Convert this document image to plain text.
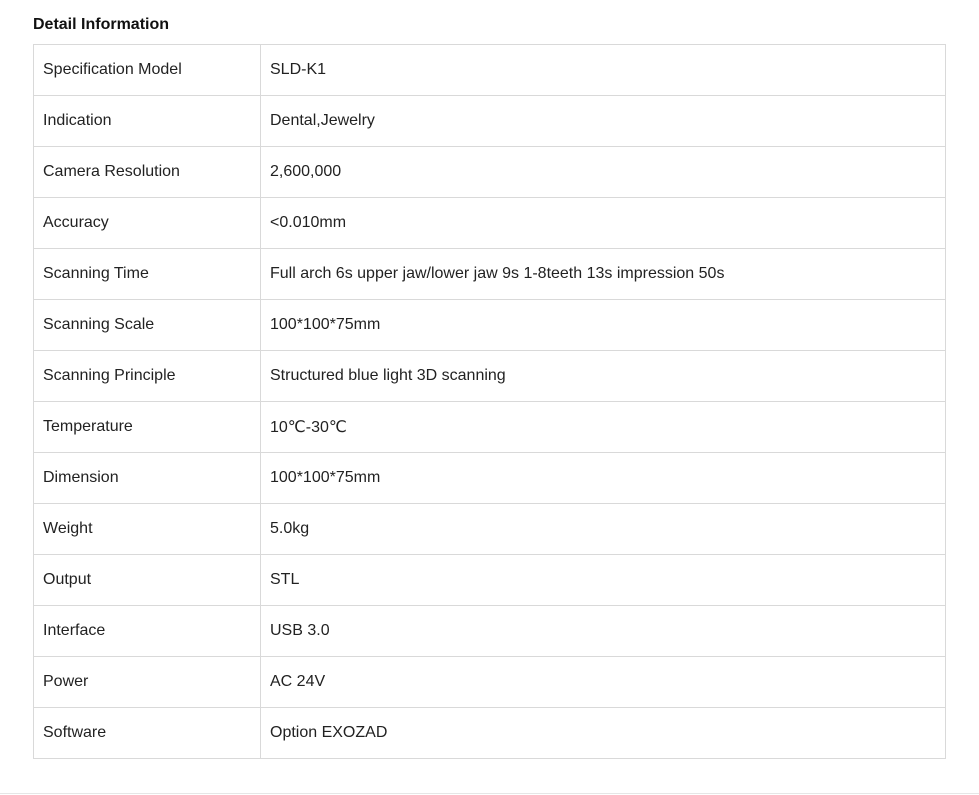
Detail Information
Specification Model	SLD-K1
Indication	Dental,Jewelry
Camera Resolution	2,600,000
Accuracy	<0.010mm
Scanning Time	Full arch 6s upper jaw/lower jaw 9s 1-8teeth 13s impression 50s
Scanning Scale	100*100*75mm
Scanning Principle	Structured blue light 3D scanning
Temperature	10℃-30℃
Dimension	100*100*75mm
Weight	5.0kg
Output	STL
Interface	USB 3.0
Power	AC 24V
Software	Option EXOZAD
